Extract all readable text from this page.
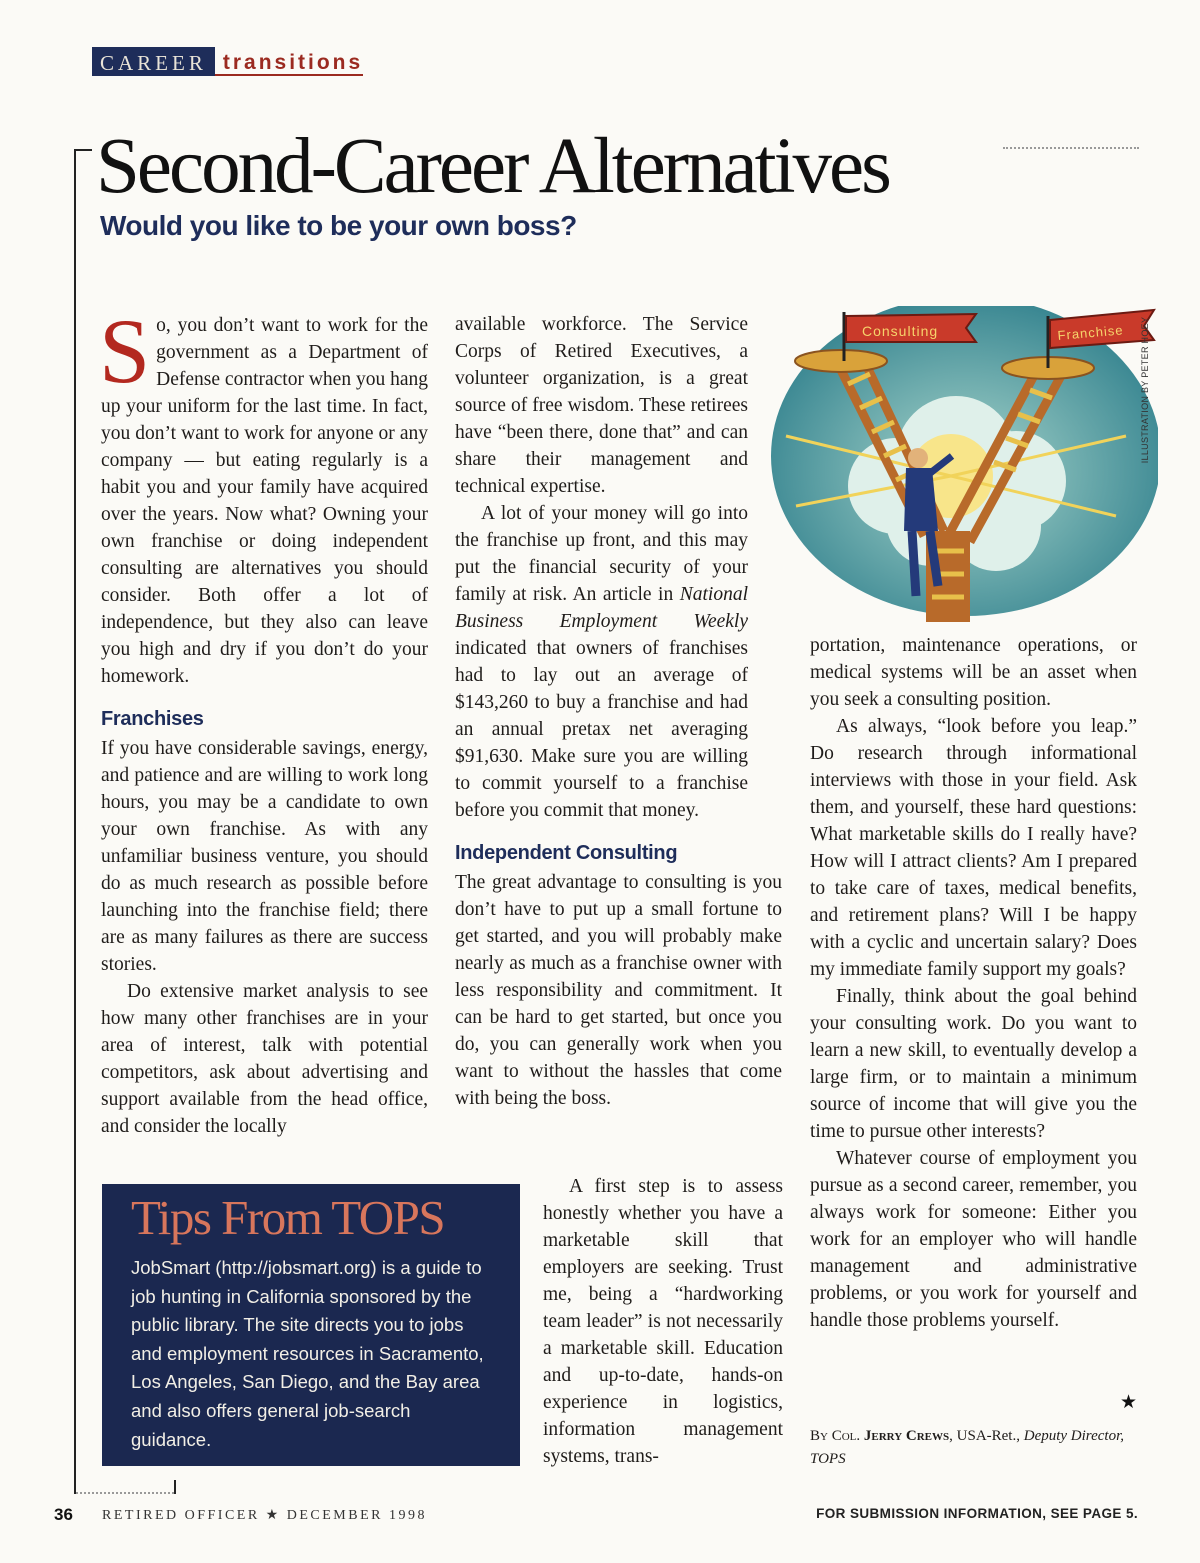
CAREER transitions
Second-Career Alternatives
Would you like to be your own boss?

So, you don’t want to work for the government as a Department of Defense contractor when you hang up your uniform for the last time. In fact, you don’t want to work for anyone or any company — but eating regularly is a habit you and your family have acquired over the years. Now what? Owning your own franchise or doing independent consulting are alternatives you should consider. Both offer a lot of independence, but they also can leave you high and dry if you don’t do your homework.

Franchises

If you have considerable savings, energy, and patience and are willing to work long hours, you may be a candidate to own your own franchise. As with any unfamiliar business venture, you should do as much research as possible before launching into the franchise field; there are as many failures as there are success stories.

Do extensive market analysis to see how many other franchises are in your area of interest, talk with potential competitors, ask about advertising and support available from the head office, and consider the locally

available workforce. The Service Corps of Retired Executives, a volunteer organization, is a great source of free wisdom. These retirees have “been there, done that” and can share their management and technical expertise.

A lot of your money will go into the franchise up front, and this may put the financial security of your family at risk. An article in National Business Employment Weekly indicated that owners of franchises had to lay out an average of $143,260 to buy a franchise and had an annual pretax net averaging $91,630. Make sure you are willing to commit yourself to a franchise before you commit that money.

Independent Consulting

The great advantage to consulting is you don’t have to put up a small fortune to get started, and you will probably make nearly as much as a franchise owner with less responsibility and commitment. It can be hard to get started, but once you do, you can generally work when you want to without the hassles that come with being the boss.

A first step is to assess honestly whether you have a marketable skill that employers are seeking. Trust me, being a “hardworking team leader” is not necessarily a marketable skill. Education and up-to-date, hands-on experience in logistics, information management systems, trans-

portation, maintenance operations, or medical systems will be an asset when you seek a consulting position.

As always, “look before you leap.” Do research through informational interviews with those in your field. Ask them, and yourself, these hard questions: What marketable skills do I really have? How will I attract clients? Am I prepared to take care of taxes, medical benefits, and retirement plans? Will I be happy with a cyclic and uncertain salary? Does my immediate family support my goals?

Finally, think about the goal behind your consulting work. Do you want to learn a new skill, to eventually develop a large firm, or to maintain a minimum source of income that will give you the time to pursue other interests?

Whatever course of employment you pursue as a second career, remember, you always work for someone: Either you work for an employer who will handle management and administrative problems, or you work for yourself and handle those problems yourself.

★
By Col. Jerry Crews, USA-Ret., Deputy Director, TOPS
Tips From TOPS

JobSmart (http://jobsmart.org) is a guide to job hunting in California sponsored by the public library. The site directs you to jobs and employment resources in Sacramento, Los Angeles, San Diego, and the Bay area and also offers general job-search guidance.

Consulting	Franchise ILLUSTRATION BY PETER HOEY
36 RETIRED OFFICER ★ DECEMBER 1998	FOR SUBMISSION INFORMATION, SEE PAGE 5.
